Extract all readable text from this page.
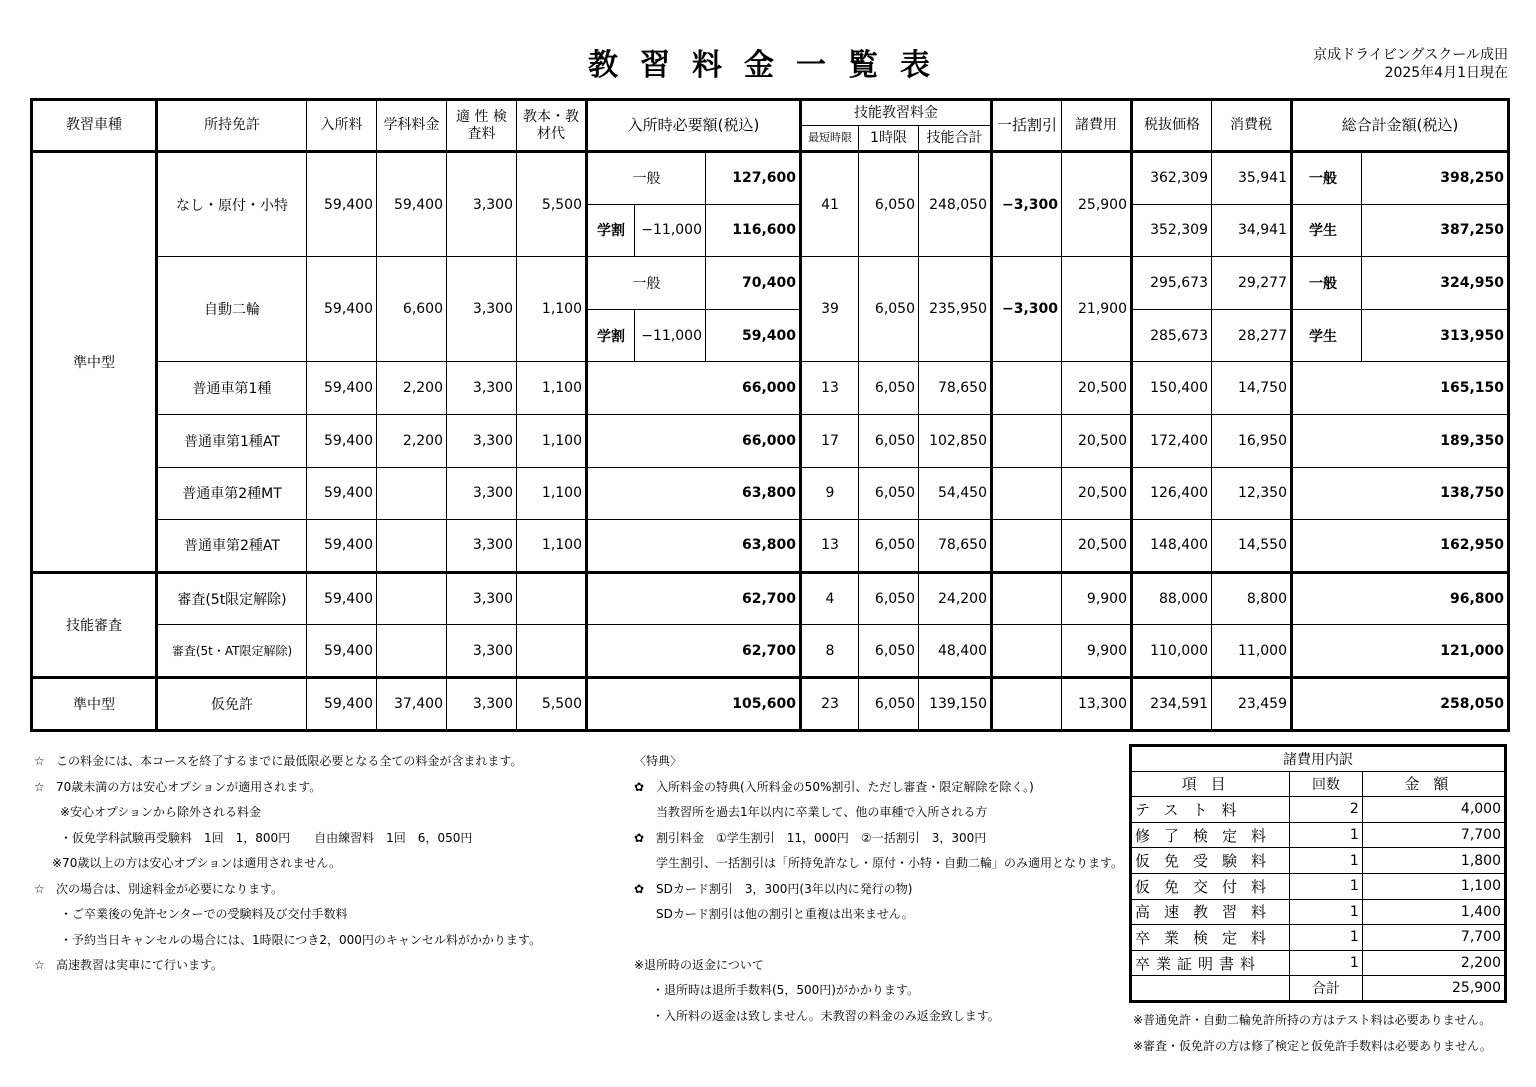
教習料金一覧表	京成ドライビングスクール成田
2025年4月1日現在
教習車種	所持免許	入所料	学科料金	適 性 検査料	教本・教 材代	入所時必要額(税込)			技能教習料金			一括割引	諸費用	税抜価格	消費税	総合計金額(税込)	
									最短時限	1時限	技能合計						
準中型	なし・原付・小特	59,400	59,400	3,300	5,500	一般		127,600	41	6,050	248,050	−3,300	25,900	362,309	35,941	一般	398,250
						学割	−11,000	116,600						352,309	34,941	学生	387,250
	自動二輪	59,400	6,600	3,300	1,100	一般		70,400	39	6,050	235,950	−3,300	21,900	295,673	29,277	一般	324,950
						学割	−11,000	59,400						285,673	28,277	学生	313,950
	普通車第1種	59,400	2,200	3,300	1,100	66,000			13	6,050	78,650		20,500	150,400	14,750	165,150	
	普通車第1種AT	59,400	2,200	3,300	1,100	66,000			17	6,050	102,850		20,500	172,400	16,950	189,350	
	普通車第2種MT	59,400		3,300	1,100	63,800			9	6,050	54,450		20,500	126,400	12,350	138,750	
	普通車第2種AT	59,400		3,300	1,100	63,800			13	6,050	78,650		20,500	148,400	14,550	162,950	
技能審査	審査(5t限定解除)	59,400		3,300		62,700			4	6,050	24,200		9,900	88,000	8,800	96,800	
	審査(5t・AT限定解除)	59,400		3,300		62,700			8	6,050	48,400		9,900	110,000	11,000	121,000	
準中型	仮免許	59,400	37,400	3,300	5,500	105,600			23	6,050	139,150		13,300	234,591	23,459	258,050	
☆ この料金には、本コースを終了するまでに最低限必要となる全ての料金が含まれます。
☆ 70歳未満の方は安心オプションが適用されます。
※安心オプションから除外される料金
・仮免学科試験再受験料　1回　1，800円　　自由練習料　1回　6，050円
※70歳以上の方は安心オプションは適用されません。
☆ 次の場合は、別途料金が必要になります。
・ご卒業後の免許センターでの受験料及び交付手数料
・予約当日キャンセルの場合には、1時限につき2，000円のキャンセル料がかかります。
☆ 高速教習は実車にて行います。
〈特典〉
✿ 入所料金の特典(入所料金の50%割引、ただし審査・限定解除を除く。)
当教習所を過去1年以内に卒業して、他の車種で入所される方
✿ 割引料金　①学生割引　11，000円　②一括割引　3，300円
学生割引、一括割引は「所持免許なし・原付・小特・自動二輪」のみ適用となります。
✿ SDカード割引　3，300円(3年以内に発行の物)
SDカード割引は他の割引と重複は出来ません。
※退所時の返金について
・退所時は退所手数料(5，500円)がかかります。
・入所料の返金は致しません。未教習の料金のみ返金致します。
諸費用内訳		
項目	回数	金額
テスト料	2	4,000
修了検定料	1	7,700
仮免受験料	1	1,800
仮免交付料	1	1,100
高速教習料	1	1,400
卒業検定料	1	7,700
卒業証明書料	1	2,200
	合計	25,900
※普通免許・自動二輪免許所持の方はテスト料は必要ありません。
※審査・仮免許の方は修了検定と仮免許手数料は必要ありません。
